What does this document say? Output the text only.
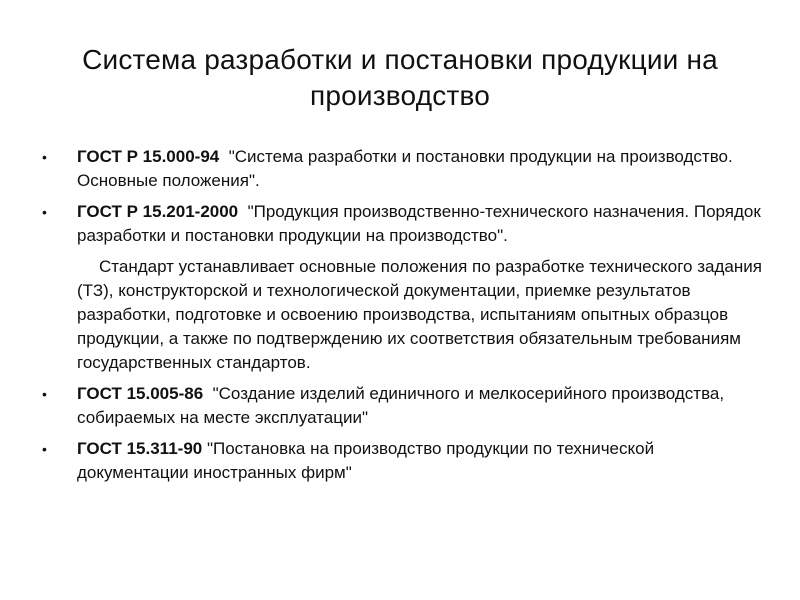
Система разработки и постановки продукции на
производство
• ГОСТ Р 15.000-94 "Система разработки и постановки продукции на производство. Основные положения".
• ГОСТ Р 15.201-2000 "Продукция производственно-технического назначения. Порядок разработки и постановки продукции на производство".
Стандарт устанавливает основные положения по разработке технического задания (ТЗ), конструкторской и технологической документации, приемке результатов разработки, подготовке и освоению производства, испытаниям опытных образцов продукции, а также по подтверждению их соответствия обязательным требованиям государственных стандартов.
• ГОСТ 15.005-86 "Создание изделий единичного и мелкосерийного производства, собираемых на месте эксплуатации"
• ГОСТ 15.311-90 "Постановка на производство продукции по технической документации иностранных фирм"
